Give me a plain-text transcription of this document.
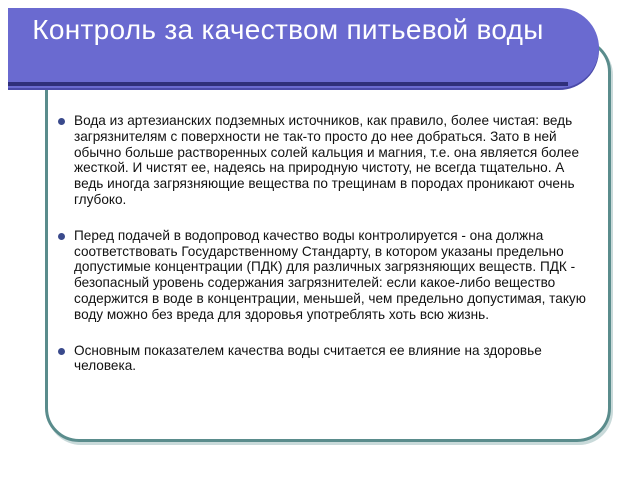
Контроль за качеством питьевой воды
Вода из артезианских подземных источников, как правило, более чистая: ведь загрязнителям с поверхности не так-то просто до нее добраться. Зато в ней обычно больше растворенных солей кальция и магния, т.е. она является более жесткой. И чистят ее, надеясь на природную чистоту, не всегда тщательно. А ведь иногда загрязняющие вещества по трещинам в породах проникают очень глубоко.
Перед подачей в водопровод качество воды контролируется - она должна соответствовать Государственному Стандарту, в котором указаны предельно допустимые концентрации (ПДК) для различных загрязняющих веществ. ПДК - безопасный уровень содержания загрязнителей: если какое-либо вещество содержится в воде в концентрации, меньшей, чем предельно допустимая, такую воду можно без вреда для здоровья употреблять хоть всю жизнь.
Основным показателем качества воды считается ее влияние на здоровье человека.
